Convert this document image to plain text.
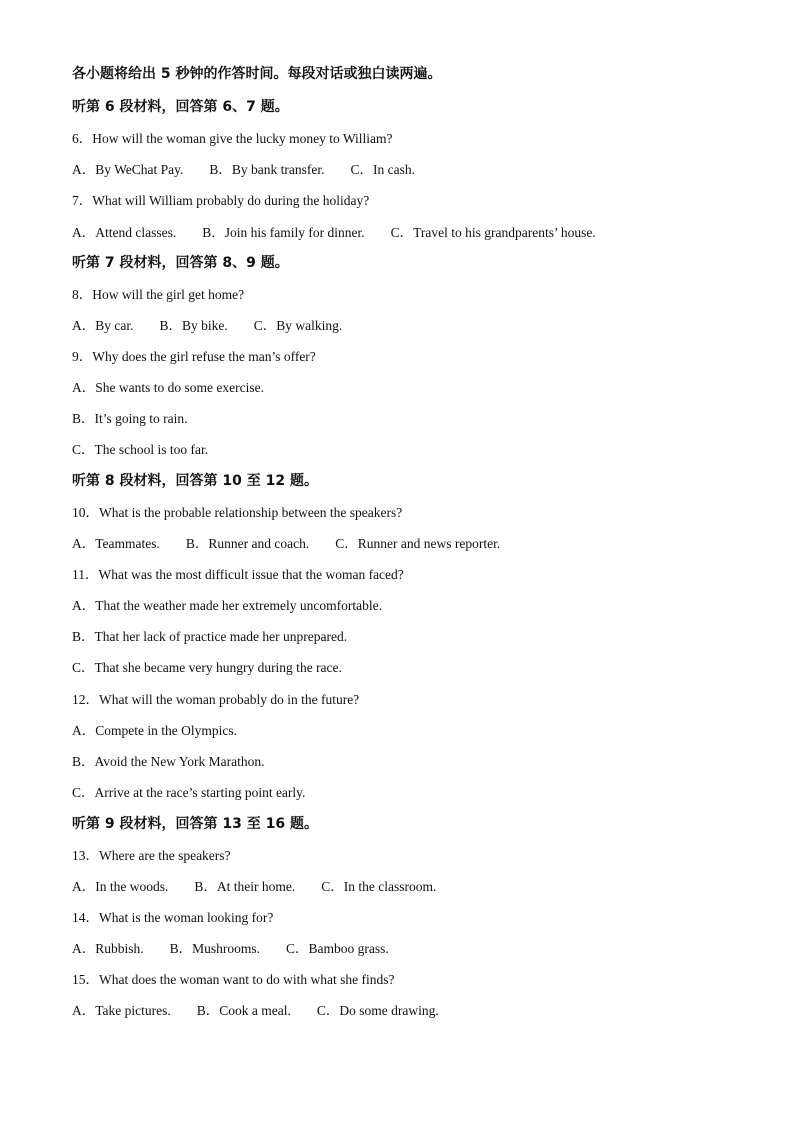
各小题将给出 5 秒钟的作答时间。每段对话或独白读两遍。
听第 6 段材料，回答第 6、7 题。
6．How will the woman give the lucky money to William?
A．By WeChat Pay. B．By bank transfer. C．In cash.
7．What will William probably do during the holiday?
A．Attend classes. B．Join his family for dinner. C．Travel to his grandparents’ house.
听第 7 段材料，回答第 8、9 题。
8．How will the girl get home?
A．By car. B．By bike. C．By walking.
9．Why does the girl refuse the man’s offer?
A．She wants to do some exercise.
B．It’s going to rain.
C．The school is too far.
听第 8 段材料，回答第 10 至 12 题。
10．What is the probable relationship between the speakers?
A．Teammates. B．Runner and coach. C．Runner and news reporter.
11．What was the most difficult issue that the woman faced?
A．That the weather made her extremely uncomfortable.
B．That her lack of practice made her unprepared.
C．That she became very hungry during the race.
12．What will the woman probably do in the future?
A．Compete in the Olympics.
B．Avoid the New York Marathon.
C．Arrive at the race’s starting point early.
听第 9 段材料，回答第 13 至 16 题。
13．Where are the speakers?
A．In the woods. B．At their home. C．In the classroom.
14．What is the woman looking for?
A．Rubbish. B．Mushrooms. C．Bamboo grass.
15．What does the woman want to do with what she finds?
A．Take pictures. B．Cook a meal. C．Do some drawing.
